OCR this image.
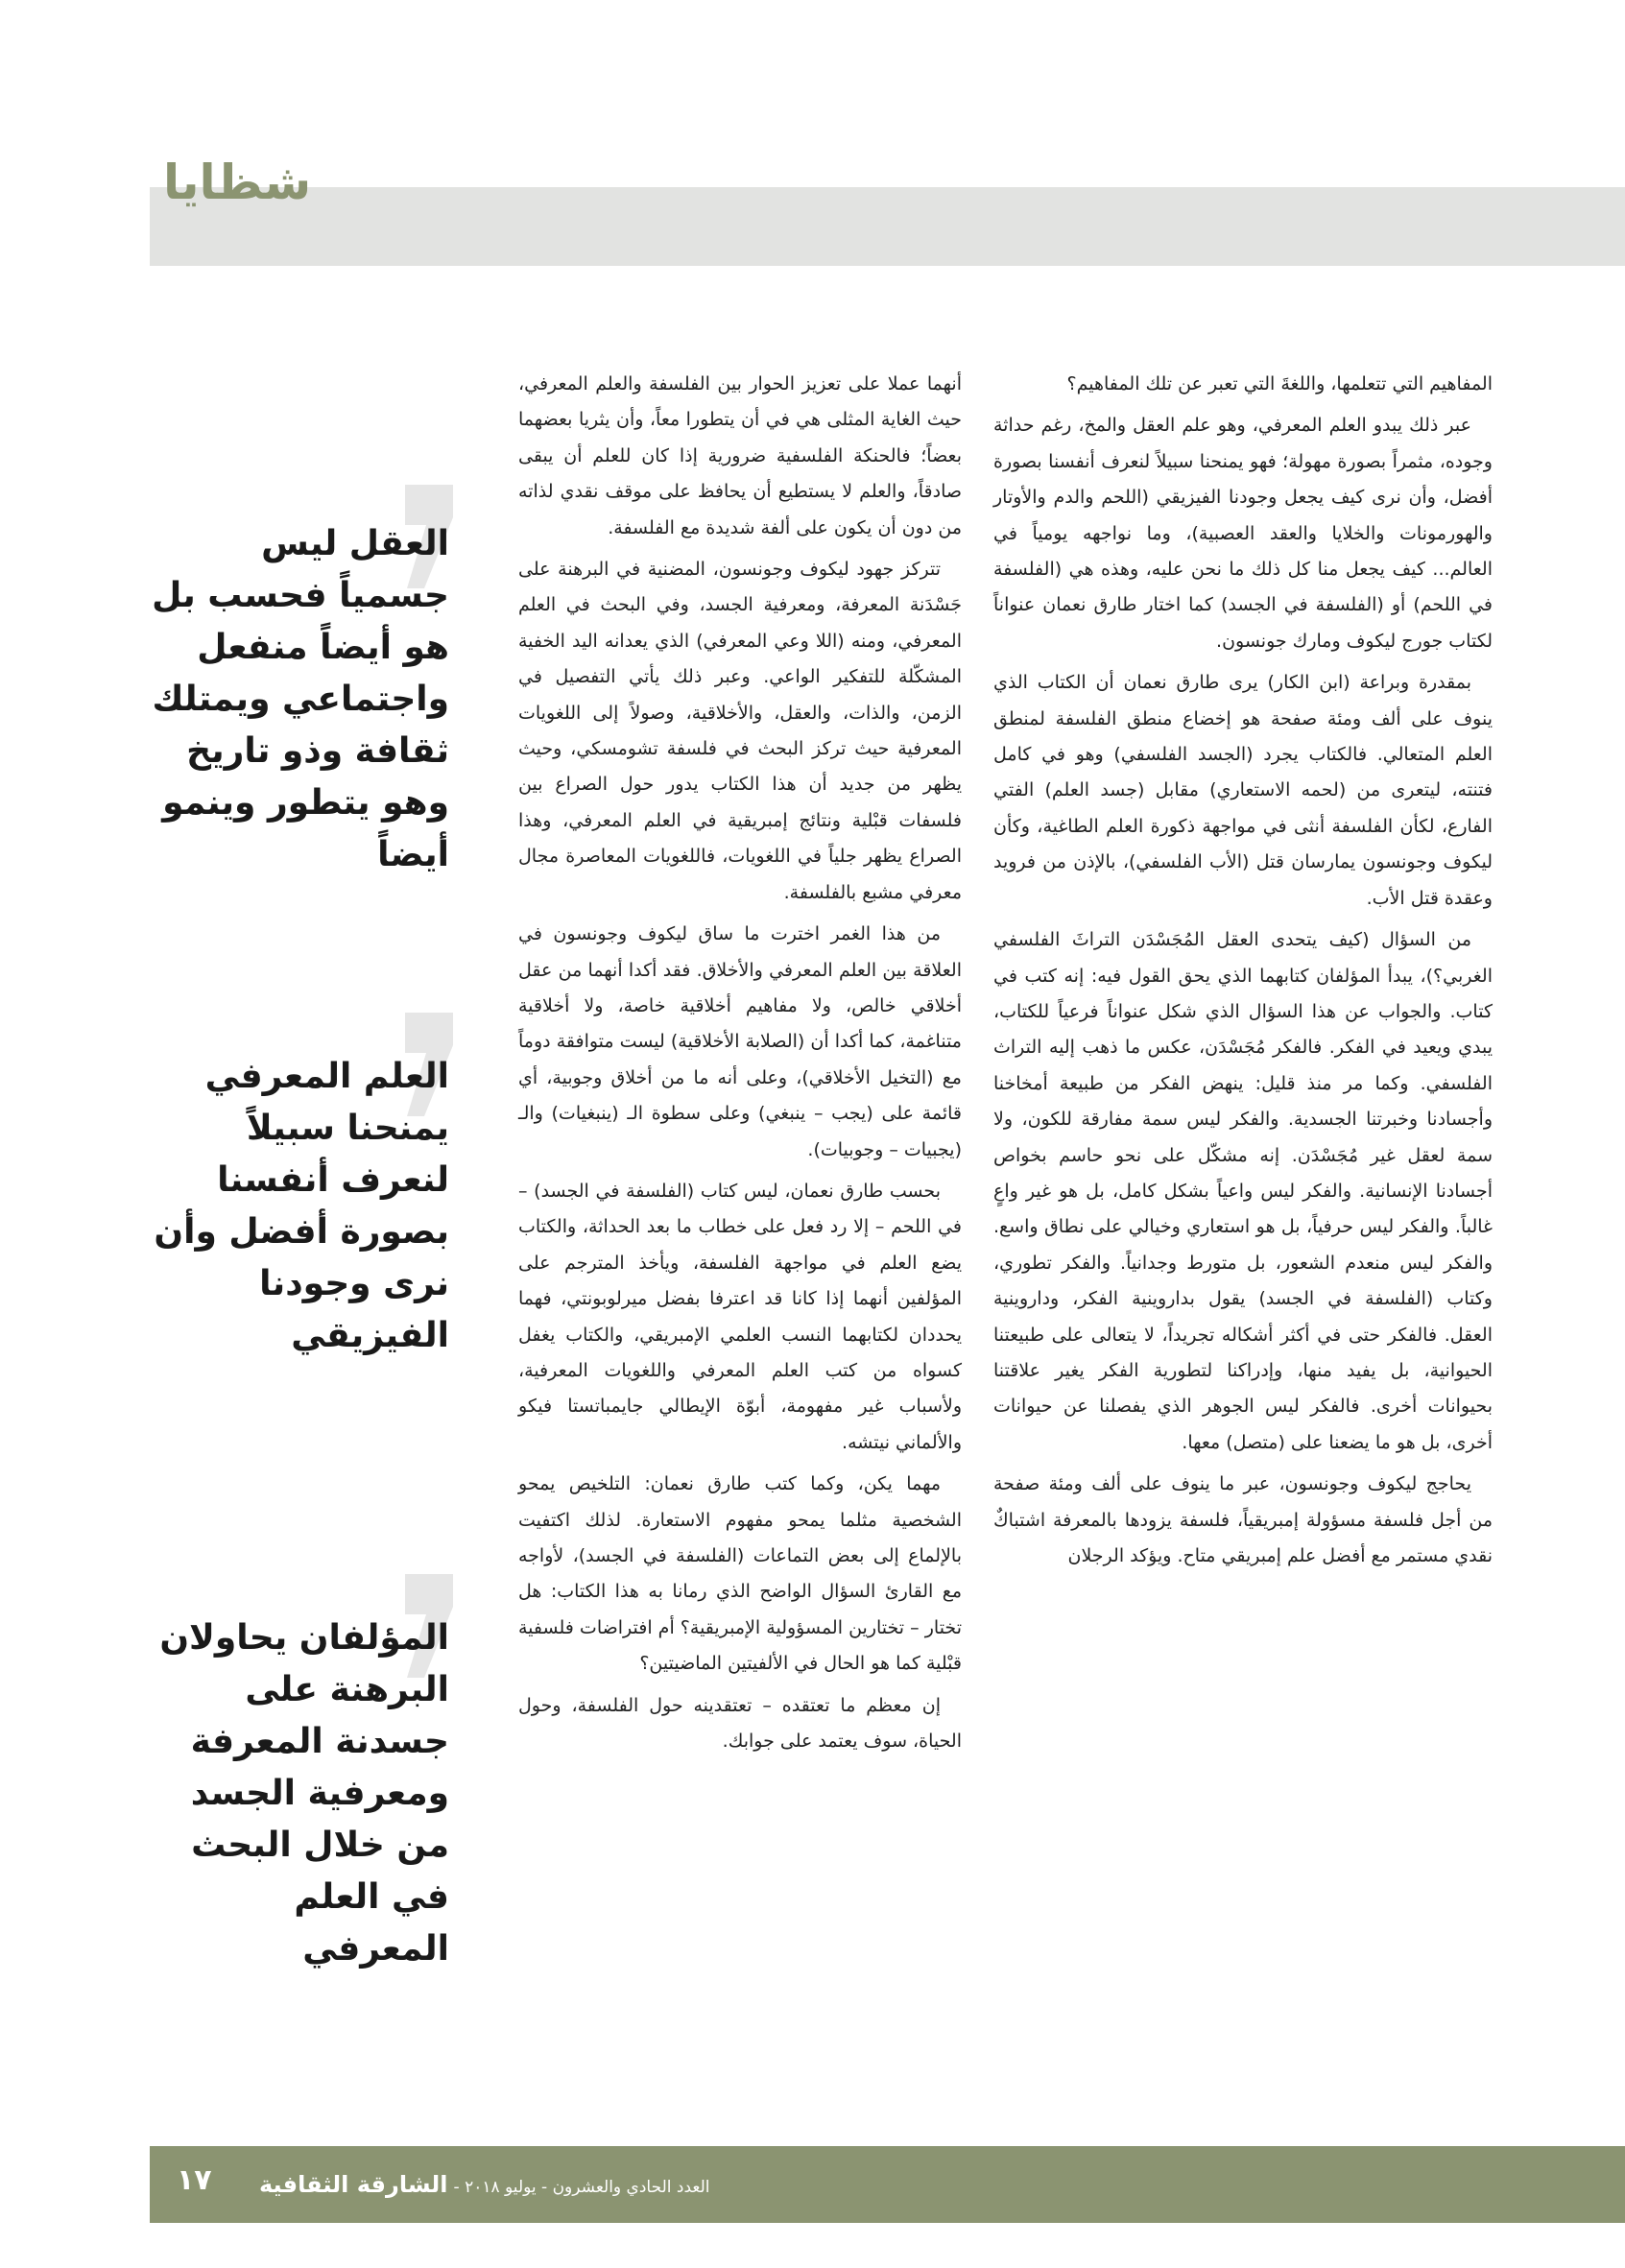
شظايا
العقل ليس جسمياً فحسب بل هو أيضاً منفعل واجتماعي ويمتلك ثقافة وذو تاريخ وهو يتطور وينمو أيضاً
العلم المعرفي يمنحنا سبيلاً لنعرف أنفسنا بصورة أفضل وأن نرى وجودنا الفيزيقي
المؤلفان يحاولان البرهنة على جسدنة المعرفة ومعرفية الجسد من خلال البحث في العلم المعرفي

أنهما عملا على تعزيز الحوار بين الفلسفة والعلم المعرفي، حيث الغاية المثلى هي في أن يتطورا معاً، وأن يثريا بعضهما بعضاً؛ فالحنكة الفلسفية ضرورية إذا كان للعلم أن يبقى صادقاً، والعلم لا يستطيع أن يحافظ على موقف نقدي لذاته من دون أن يكون على ألفة شديدة مع الفلسفة.

تتركز جهود ليكوف وجونسون، المضنية في البرهنة على جَسْدَنة المعرفة، ومعرفية الجسد، وفي البحث في العلم المعرفي، ومنه (اللا وعي المعرفي) الذي يعدانه اليد الخفية المشكّلة للتفكير الواعي. وعبر ذلك يأتي التفصيل في الزمن، والذات، والعقل، والأخلاقية، وصولاً إلى اللغويات المعرفية حيث تركز البحث في فلسفة تشومسكي، وحيث يظهر من جديد أن هذا الكتاب يدور حول الصراع بين فلسفات قبْلية ونتائج إمبريقية في العلم المعرفي، وهذا الصراع يظهر جلياً في اللغويات، فاللغويات المعاصرة مجال معرفي مشبع بالفلسفة.

من هذا الغمر اخترت ما ساق ليكوف وجونسون في العلاقة بين العلم المعرفي والأخلاق. فقد أكدا أنهما من عقل أخلاقي خالص، ولا مفاهيم أخلاقية خاصة، ولا أخلاقية متناغمة، كما أكدا أن (الصلابة الأخلاقية) ليست متوافقة دوماً مع (التخيل الأخلاقي)، وعلى أنه ما من أخلاق وجوبية، أي قائمة على (يجب – ينبغي) وعلى سطوة الـ (ينبغيات) والـ (يجبيات – وجوبيات).

بحسب طارق نعمان، ليس كتاب (الفلسفة في الجسد) – في اللحم – إلا رد فعل على خطاب ما بعد الحداثة، والكتاب يضع العلم في مواجهة الفلسفة، ويأخذ المترجم على المؤلفين أنهما إذا كانا قد اعترفا بفضل ميرلوبونتي، فهما يحددان لكتابهما النسب العلمي الإمبريقي، والكتاب يغفل كسواه من كتب العلم المعرفي واللغويات المعرفية، ولأسباب غير مفهومة، أبوّة الإيطالي جايمباتستا فيكو والألماني نيتشه.

مهما يكن، وكما كتب طارق نعمان: التلخيص يمحو الشخصية مثلما يمحو مفهوم الاستعارة. لذلك اكتفيت بالإلماع إلى بعض التماعات (الفلسفة في الجسد)، لأواجه مع القارئ السؤال الواضح الذي رمانا به هذا الكتاب: هل تختار – تختارين المسؤولية الإمبريقية؟ أم افتراضات فلسفية قبْلية كما هو الحال في الألفيتين الماضيتين؟

إن معظم ما تعتقده – تعتقدينه حول الفلسفة، وحول الحياة، سوف يعتمد على جوابك.

المفاهيم التي تتعلمها، واللغةَ التي تعبر عن تلك المفاهيم؟

عبر ذلك يبدو العلم المعرفي، وهو علم العقل والمخ، رغم حداثة وجوده، مثمراً بصورة مهولة؛ فهو يمنحنا سبيلاً لنعرف أنفسنا بصورة أفضل، وأن نرى كيف يجعل وجودنا الفيزيقي (اللحم والدم والأوتار والهورمونات والخلايا والعقد العصبية)، وما نواجهه يومياً في العالم... كيف يجعل منا كل ذلك ما نحن عليه، وهذه هي (الفلسفة في اللحم) أو (الفلسفة في الجسد) كما اختار طارق نعمان عنواناً لكتاب جورج ليكوف ومارك جونسون.

بمقدرة وبراعة (ابن الكار) يرى طارق نعمان أن الكتاب الذي ينوف على ألف ومئة صفحة هو إخضاع منطق الفلسفة لمنطق العلم المتعالي. فالكتاب يجرد (الجسد الفلسفي) وهو في كامل فتنته، ليتعرى من (لحمه الاستعاري) مقابل (جسد العلم) الفتي الفارع، لكأن الفلسفة أنثى في مواجهة ذكورة العلم الطاغية، وكأن ليكوف وجونسون يمارسان قتل (الأب الفلسفي)، بالإذن من فرويد وعقدة قتل الأب.

من السؤال (كيف يتحدى العقل المُجَسْدَن التراثَ الفلسفي الغربي؟)، يبدأ المؤلفان كتابهما الذي يحق القول فيه: إنه كتب في كتاب. والجواب عن هذا السؤال الذي شكل عنواناً فرعياً للكتاب، يبدي ويعيد في الفكر. فالفكر مُجَسْدَن، عكس ما ذهب إليه التراث الفلسفي. وكما مر منذ قليل: ينهض الفكر من طبيعة أمخاخنا وأجسادنا وخبرتنا الجسدية. والفكر ليس سمة مفارقة للكون، ولا سمة لعقل غير مُجَسْدَن. إنه مشكّل على نحو حاسم بخواص أجسادنا الإنسانية. والفكر ليس واعياً بشكل كامل، بل هو غير واعٍ غالباً. والفكر ليس حرفياً، بل هو استعاري وخيالي على نطاق واسع. والفكر ليس منعدم الشعور، بل متورط وجدانياً. والفكر تطوري، وكتاب (الفلسفة في الجسد) يقول بداروينية الفكر، وداروينية العقل. فالفكر حتى في أكثر أشكاله تجريداً، لا يتعالى على طبيعتنا الحيوانية، بل يفيد منها، وإدراكنا لتطورية الفكر يغير علاقتنا بحيوانات أخرى. فالفكر ليس الجوهر الذي يفصلنا عن حيوانات أخرى، بل هو ما يضعنا على (متصل) معها.

يحاجج ليكوف وجونسون، عبر ما ينوف على ألف ومئة صفحة من أجل فلسفة مسؤولة إمبريقياً، فلسفة يزودها بالمعرفة اشتباكٌ نقدي مستمر مع أفضل علم إمبريقي متاح. ويؤكد الرجلان

العدد الحادي والعشرون - يوليو ٢٠١٨ - الشارقة الثقافية
١٧
